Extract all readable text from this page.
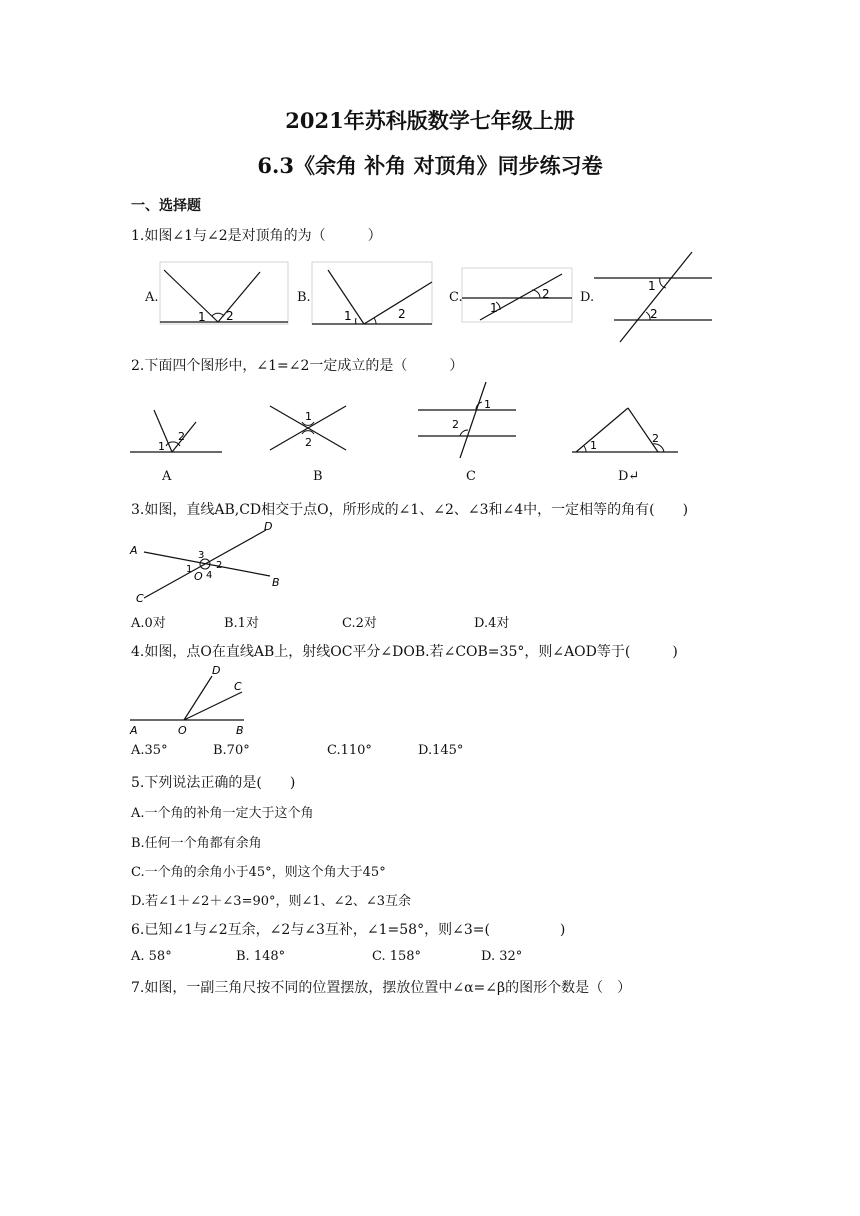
2021年苏科版数学七年级上册
6.3《余角 补角 对顶角》同步练习卷
一、选择题
1.如图∠1与∠2是对顶角的为（　　　）
A.
1 2
B.
1	2
C.
1
2 D.
1
2
2.下面四个图形中，∠1=∠2一定成立的是（　　　）
1
2
A
1
2
B
1
2
C
1
2
D↵
3.如图，直线AB,CD相交于点O，所形成的∠1、∠2、∠3和∠4中，一定相等的角有(　　)
A
D
B
C
O
1 2
3
4
A.0对	B.1对	C.2对	D.4对
4.如图，点O在直线AB上，射线OC平分∠DOB.若∠COB=35°，则∠AOD等于(　　　)
A	O	B
D
C
A.35°	B.70°	C.110°	D.145°
5.下列说法正确的是(　　)
A.一个角的补角一定大于这个角
B.任何一个角都有余角
C.一个角的余角小于45°，则这个角大于45°
D.若∠1＋∠2＋∠3=90°，则∠1、∠2、∠3互余
6.已知∠1与∠2互余，∠2与∠3互补，∠1=58°，则∠3=(　　　　　)
A. 58°	B. 148°	C. 158°	D. 32°
7.如图，一副三角尺按不同的位置摆放，摆放位置中∠α=∠β的图形个数是（　）
